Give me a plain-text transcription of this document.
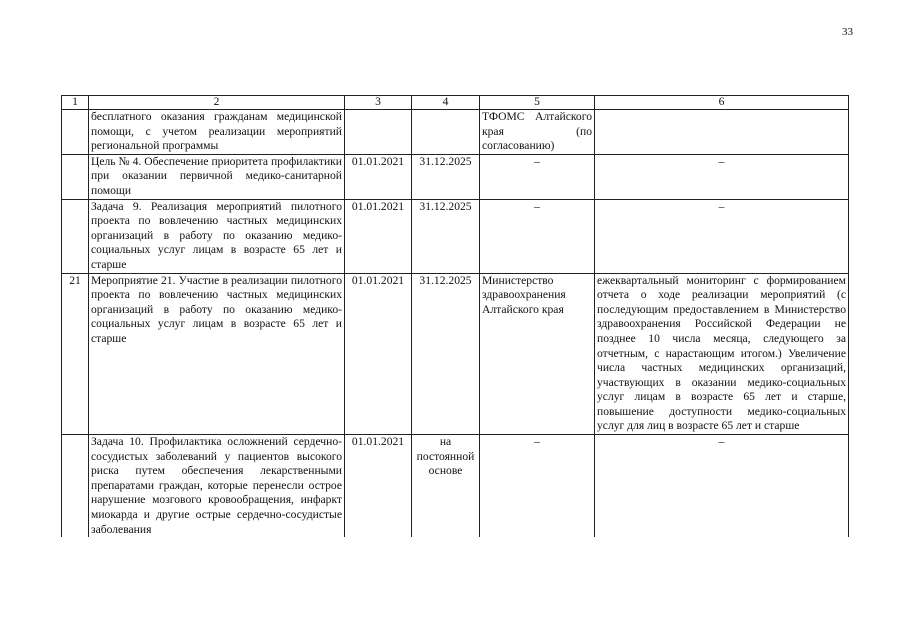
33
1	2	3	4	5	6
	бесплатного оказания гражданам медицинской помощи, с учетом реализации мероприятий региональной программы			ТФОМС Алтайского края (по согласованию)	
	Цель № 4. Обеспечение приоритета профилактики при оказании первичной медико-санитарной помощи	01.01.2021	31.12.2025	–	–
	Задача 9. Реализация мероприятий пилотного проекта по вовлечению частных медицинских организаций в работу по оказанию медико-социальных услуг лицам в возрасте 65 лет и старше	01.01.2021	31.12.2025	–	–
21	Мероприятие 21. Участие в реализации пилотного проекта по вовлечению частных медицинских организаций в работу по оказанию медико-социальных услуг лицам в возрасте 65 лет и старше	01.01.2021	31.12.2025	Министерство здравоохранения Алтайского края	ежеквартальный мониторинг с формированием отчета о ходе реализации мероприятий (с последующим предоставлением в Министерство здравоохранения Российской Федерации не позднее 10 числа месяца, следующего за отчетным, с нарастающим итогом.) Увеличение числа частных медицинских организаций, участвующих в оказании медико-социальных услуг лицам в возрасте 65 лет и старше, повышение доступности медико-социальных услуг для лиц в возрасте 65 лет и старше
	Задача 10. Профилактика осложнений сердечно-сосудистых заболеваний у пациентов высокого риска путем обеспечения лекарственными препаратами граждан, которые перенесли острое нарушение мозгового кровообращения, инфаркт миокарда и другие острые сердечно-сосудистые заболевания	01.01.2021	на постоянной основе	–	–
